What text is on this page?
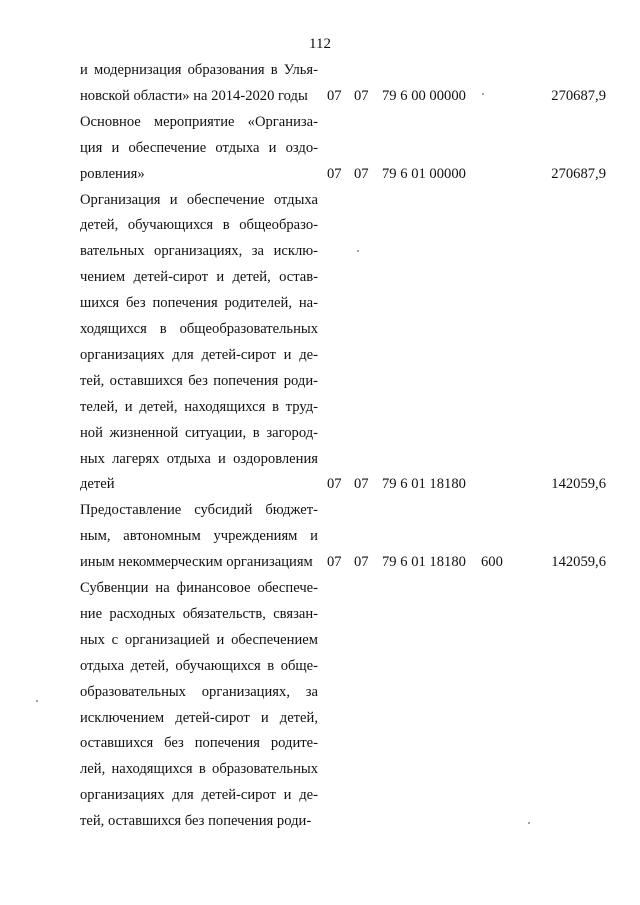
112
и модернизация образования в Улья-
новской области» на 2014-2020 годы	07 07 79 6 00 00000	270687,9
Основное мероприятие «Организа-
ция и обеспечение отдыха и оздо-
ровления»	07 07 79 6 01 00000	270687,9
Организация и обеспечение отдыха
детей, обучающихся в общеобразо-
вательных организациях, за исклю-
чением детей-сирот и детей, остав-
шихся без попечения родителей, на-
ходящихся в общеобразовательных
организациях для детей-сирот и де-
тей, оставшихся без попечения роди-
телей, и детей, находящихся в труд-
ной жизненной ситуации, в загород-
ных лагерях отдыха и оздоровления
детей	07 07 79 6 01 18180	142059,6
Предоставление субсидий бюджет-
ным, автономным учреждениям и
иным некоммерческим организациям 07 07 79 6 01 18180 600	142059,6
Субвенции на финансовое обеспече-
ние расходных обязательств, связан-
ных с организацией и обеспечением
отдыха детей, обучающихся в обще-
образовательных организациях, за
исключением детей-сирот и детей,
оставшихся без попечения родите-
лей, находящихся в образовательных
организациях для детей-сирот и де-
тей, оставшихся без попечения роди-
